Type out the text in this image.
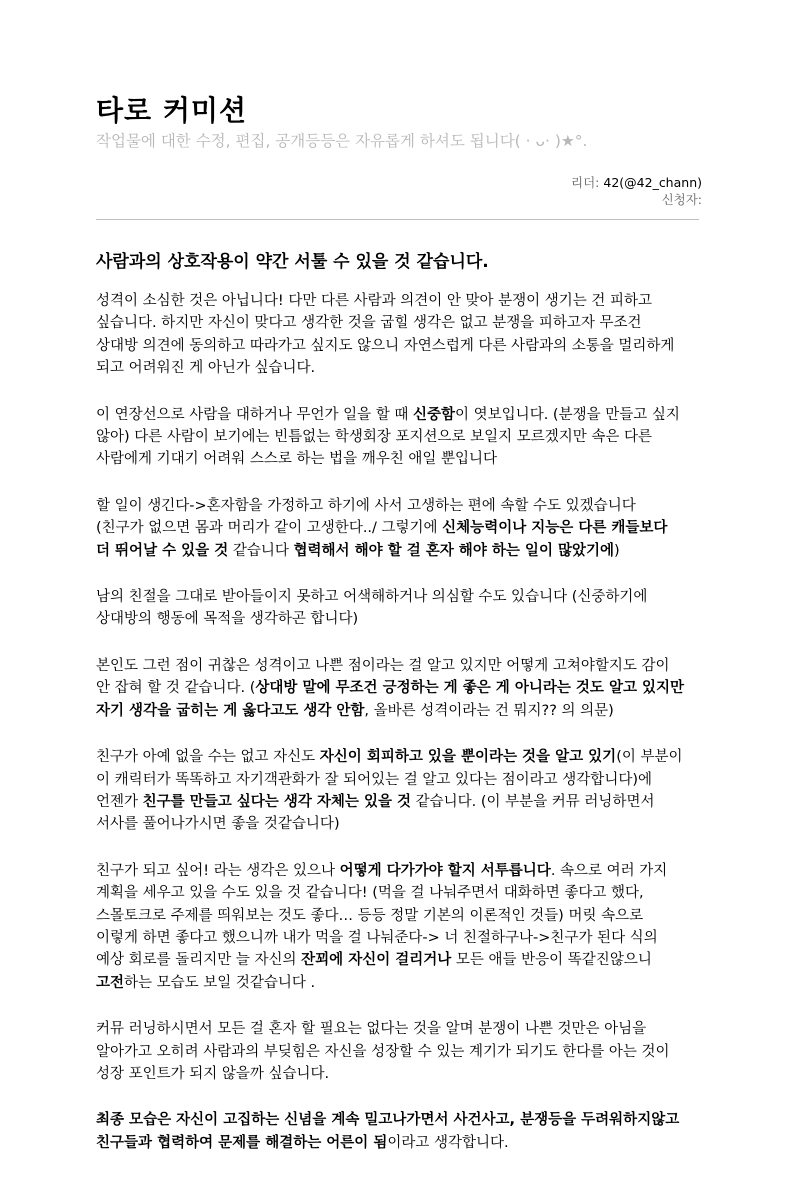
타로 커미션

작업물에 대한 수정, 편집, 공개등등은 자유롭게 하셔도 됩니다( · ᴗ· )★°.

리더: 42(@42_chann)
신청자:
사람과의 상호작용이 약간 서툴 수 있을 것 같습니다.

성격이 소심한 것은 아닙니다! 다만 다른 사람과 의견이 안 맞아 분쟁이 생기는 건 피하고
싶습니다. 하지만 자신이 맞다고 생각한 것을 굽힐 생각은 없고 분쟁을 피하고자 무조건
상대방 의견에 동의하고 따라가고 싶지도 않으니 자연스럽게 다른 사람과의 소통을 멀리하게
되고 어려워진 게 아닌가 싶습니다.

이 연장선으로 사람을 대하거나 무언가 일을 할 때 신중함이 엿보입니다. (분쟁을 만들고 싶지
않아) 다른 사람이 보기에는 빈틈없는 학생회장 포지션으로 보일지 모르겠지만 속은 다른
사람에게 기대기 어려워 스스로 하는 법을 깨우친 애일 뿐입니다

할 일이 생긴다->혼자함을 가정하고 하기에 사서 고생하는 편에 속할 수도 있겠습니다
(친구가 없으면 몸과 머리가 같이 고생한다../ 그렇기에 신체능력이나 지능은 다른 캐들보다
더 뛰어날 수 있을 것 같습니다 협력해서 해야 할 걸 혼자 해야 하는 일이 많았기에)

남의 친절을 그대로 받아들이지 못하고 어색해하거나 의심할 수도 있습니다 (신중하기에
상대방의 행동에 목적을 생각하곤 합니다)

본인도 그런 점이 귀찮은 성격이고 나쁜 점이라는 걸 알고 있지만 어떻게 고쳐야할지도 감이
안 잡혀 할 것 같습니다. (상대방 말에 무조건 긍정하는 게 좋은 게 아니라는 것도 알고 있지만
자기 생각을 굽히는 게 옳다고도 생각 안함, 올바른 성격이라는 건 뭐지?? 의 의문)

친구가 아예 없을 수는 없고 자신도 자신이 회피하고 있을 뿐이라는 것을 알고 있기(이 부분이
이 캐릭터가 똑똑하고 자기객관화가 잘 되어있는 걸 알고 있다는 점이라고 생각합니다)에
언젠가 친구를 만들고 싶다는 생각 자체는 있을 것 같습니다. (이 부분을 커뮤 러닝하면서
서사를 풀어나가시면 좋을 것같습니다)

친구가 되고 싶어! 라는 생각은 있으나 어떻게 다가가야 할지 서투릅니다. 속으로 여러 가지
계획을 세우고 있을 수도 있을 것 같습니다! (먹을 걸 나눠주면서 대화하면 좋다고 했다,
스몰토크로 주제를 띄워보는 것도 좋다… 등등 정말 기본의 이론적인 것들) 머릿 속으로
이렇게 하면 좋다고 했으니까 내가 먹을 걸 나눠준다-> 너 친절하구나->친구가 된다 식의
예상 회로를 돌리지만 늘 자신의 잔꾀에 자신이 걸리거나 모든 애들 반응이 똑같진않으니
고전하는 모습도 보일 것같습니다 .

커뮤 러닝하시면서 모든 걸 혼자 할 필요는 없다는 것을 알며 분쟁이 나쁜 것만은 아님을
알아가고 오히려 사람과의 부딪힘은 자신을 성장할 수 있는 계기가 되기도 한다를 아는 것이
성장 포인트가 되지 않을까 싶습니다.

최종 모습은 자신이 고집하는 신념을 계속 밀고나가면서 사건사고, 분쟁등을 두려워하지않고
친구들과 협력하여 문제를 해결하는 어른이 됨이라고 생각합니다.
